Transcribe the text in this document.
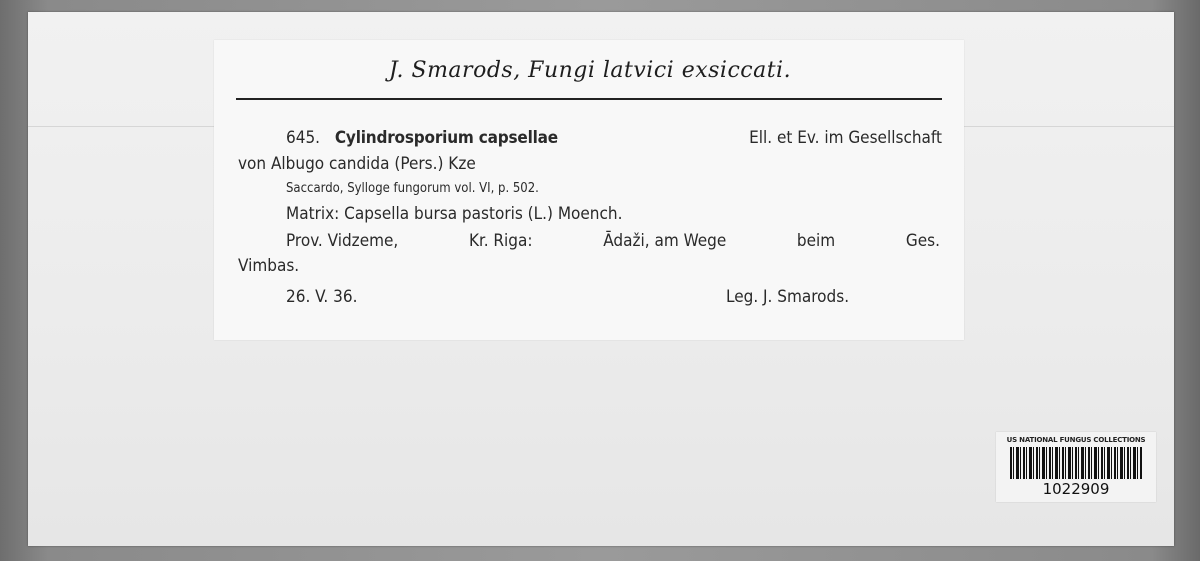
J. Smarods, Fungi latvici exsiccati.
645. Cylindrosporium capsellae	Ell. et Ev. im Gesellschaft
von Albugo candida (Pers.) Kze
Saccardo, Sylloge fungorum vol. VI, p. 502.
Matrix: Capsella bursa pastoris (L.) Moench.
Prov. Vidzeme,	Kr. Riga:	Ādaži, am Wege	beim	Ges.
Vimbas.
26. V. 36.	Leg. J. Smarods.
US NATIONAL FUNGUS COLLECTIONS
1022909
